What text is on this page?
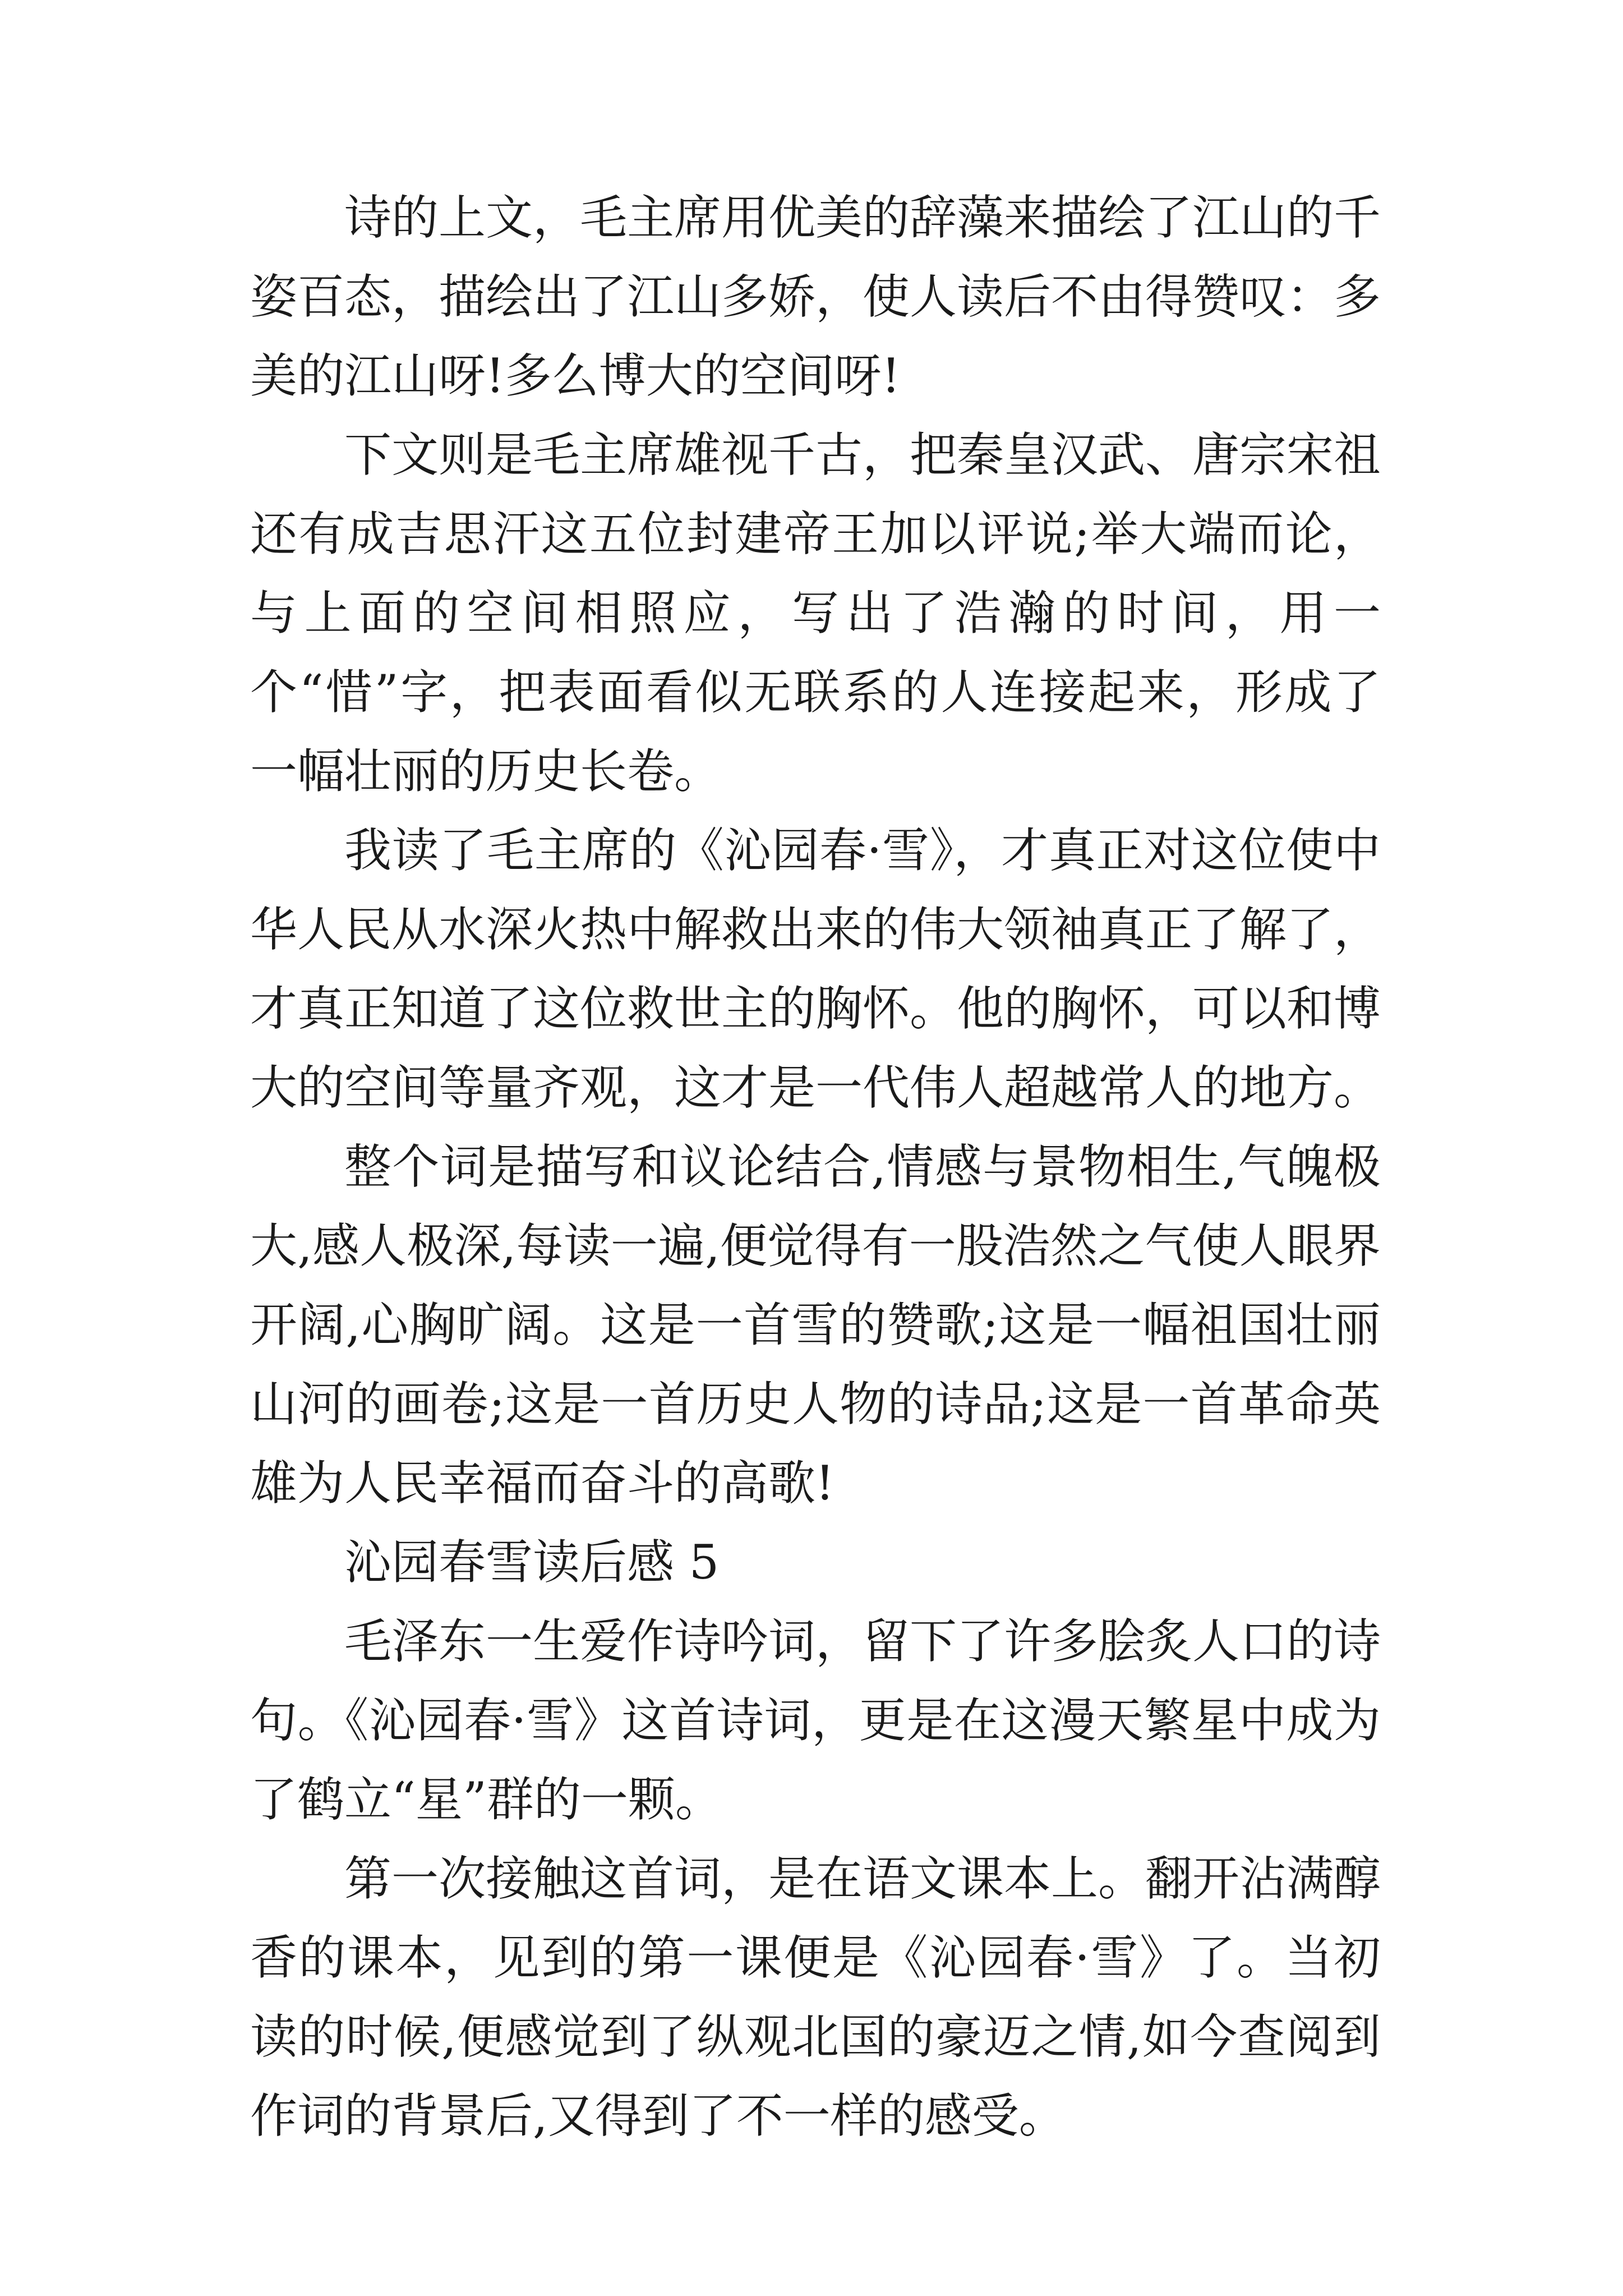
诗的上文，毛主席用优美的辞藻来描绘了江山的千姿百态，描绘出了江山多娇，使人读后不由得赞叹：多美的江山呀!多么博大的空间呀!

下文则是毛主席雄视千古，把秦皇汉武、唐宗宋祖还有成吉思汗这五位封建帝王加以评说;举大端而论，与上面的空间相照应，写出了浩瀚的时间，用一个“惜”字，把表面看似无联系的人连接起来，形成了一幅壮丽的历史长卷。

我读了毛主席的《沁园春·雪》，才真正对这位使中华人民从水深火热中解救出来的伟大领袖真正了解了，才真正知道了这位救世主的胸怀。他的胸怀，可以和博大的空间等量齐观，这才是一代伟人超越常人的地方。

整个词是描写和议论结合,情感与景物相生,气魄极大,感人极深,每读一遍,便觉得有一股浩然之气使人眼界开阔,心胸旷阔。这是一首雪的赞歌;这是一幅祖国壮丽山河的画卷;这是一首历史人物的诗品;这是一首革命英雄为人民幸福而奋斗的高歌!

沁园春雪读后感 5

毛泽东一生爱作诗吟词，留下了许多脍炙人口的诗句。《沁园春·雪》这首诗词，更是在这漫天繁星中成为了鹤立“星”群的一颗。

第一次接触这首词，是在语文课本上。翻开沾满醇香的课本，见到的第一课便是《沁园春·雪》了。当初读的时候,便感觉到了纵观北国的豪迈之情,如今查阅到作词的背景后,又得到了不一样的感受。
